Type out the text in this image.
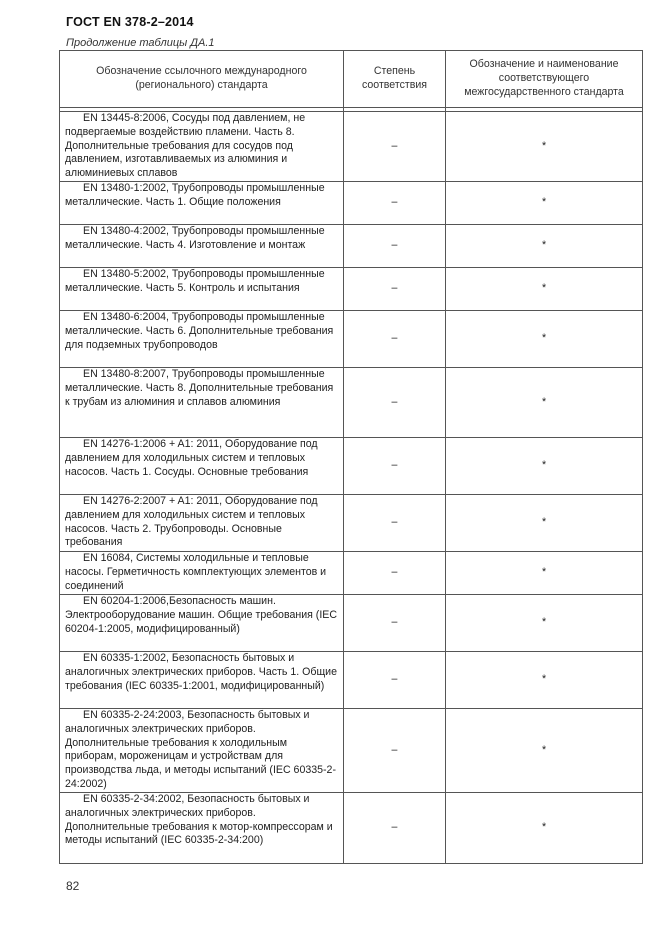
ГОСТ EN 378-2–2014
Продолжение таблицы ДА.1
Обозначение ссылочного международного (регионального) стандарта	Степень соответствия	Обозначение и наименование соответствующего межгосударственного стандарта

EN 13445-8:2006, Сосуды под давлением, не подвергаемые воздействию пламени. Часть 8. Дополнительные требования для сосудов под давлением, изготавливаемых из алюминия и алюминиевых сплавов	–	*

EN 13480-1:2002, Трубопроводы промышленные металлические. Часть 1. Общие положения	–	*

EN 13480-4:2002, Трубопроводы промышленные металлические. Часть 4. Изготовление и монтаж	–	*

EN 13480-5:2002, Трубопроводы промышленные металлические. Часть 5. Контроль и испытания	–	*

EN 13480-6:2004, Трубопроводы промышленные металлические. Часть 6. Дополнительные требования для подземных трубопроводов	–	*

EN 13480-8:2007, Трубопроводы промышленные металлические. Часть 8. Дополнительные требования к трубам из алюминия и сплавов алюминия	–	*

EN 14276-1:2006 + A1: 2011, Оборудование под давлением для холодильных систем и тепловых насосов. Часть 1. Сосуды. Основные требования	–	*

EN 14276-2:2007 + A1: 2011, Оборудование под давлением для холодильных систем и тепловых насосов. Часть 2. Трубопроводы. Основные требования	–	*

EN 16084, Системы холодильные и тепловые насосы. Герметичность комплектующих элементов и соединений	–	*

EN 60204-1:2006,Безопасность машин. Электрооборудование машин. Общие требования (IEC 60204-1:2005, модифицированный)	–	*

EN 60335-1:2002, Безопасность бытовых и аналогичных электрических приборов. Часть 1. Общие требования (IEC 60335-1:2001, модифицированный)	–	*

EN 60335-2-24:2003, Безопасность бытовых и аналогичных электрических приборов. Дополнительные требования к холодильным приборам, мороженицам и устройствам для производства льда, и методы испытаний (IEC 60335-2-24:2002)	–	*

EN 60335-2-34:2002, Безопасность бытовых и аналогичных электрических приборов. Дополнительные требования к мотор-компрессорам и методы испытаний (IEC 60335-2-34:200)	–	*
82
